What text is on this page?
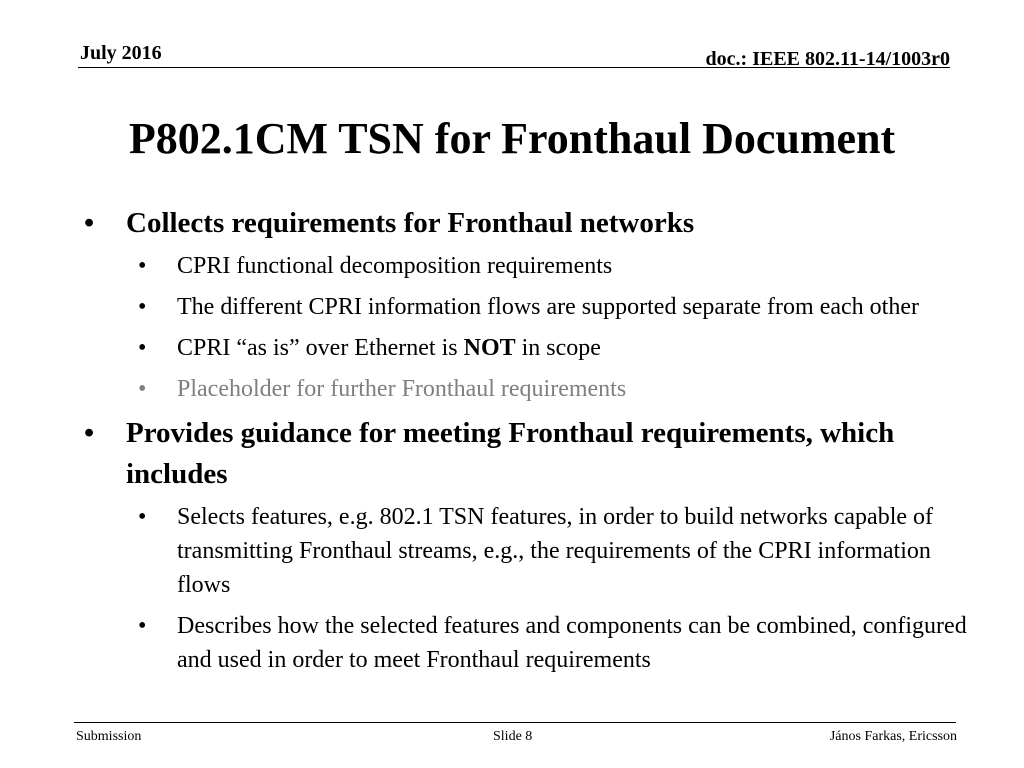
July 2016	doc.: IEEE 802.11-14/1003r0
P802.1CM TSN for Fronthaul Document
• Collects requirements for Fronthaul networks
• CPRI functional decomposition requirements
• The different CPRI information flows are supported separate from each other
• CPRI “as is” over Ethernet is NOT in scope
• Placeholder for further Fronthaul requirements
• Provides guidance for meeting Fronthaul requirements, which includes
• Selects features, e.g. 802.1 TSN features, in order to build networks capable of transmitting Fronthaul streams, e.g., the requirements of the CPRI information flows
• Describes how the selected features and components can be combined, configured and used in order to meet Fronthaul requirements
Submission	Slide 8	János Farkas, Ericsson
